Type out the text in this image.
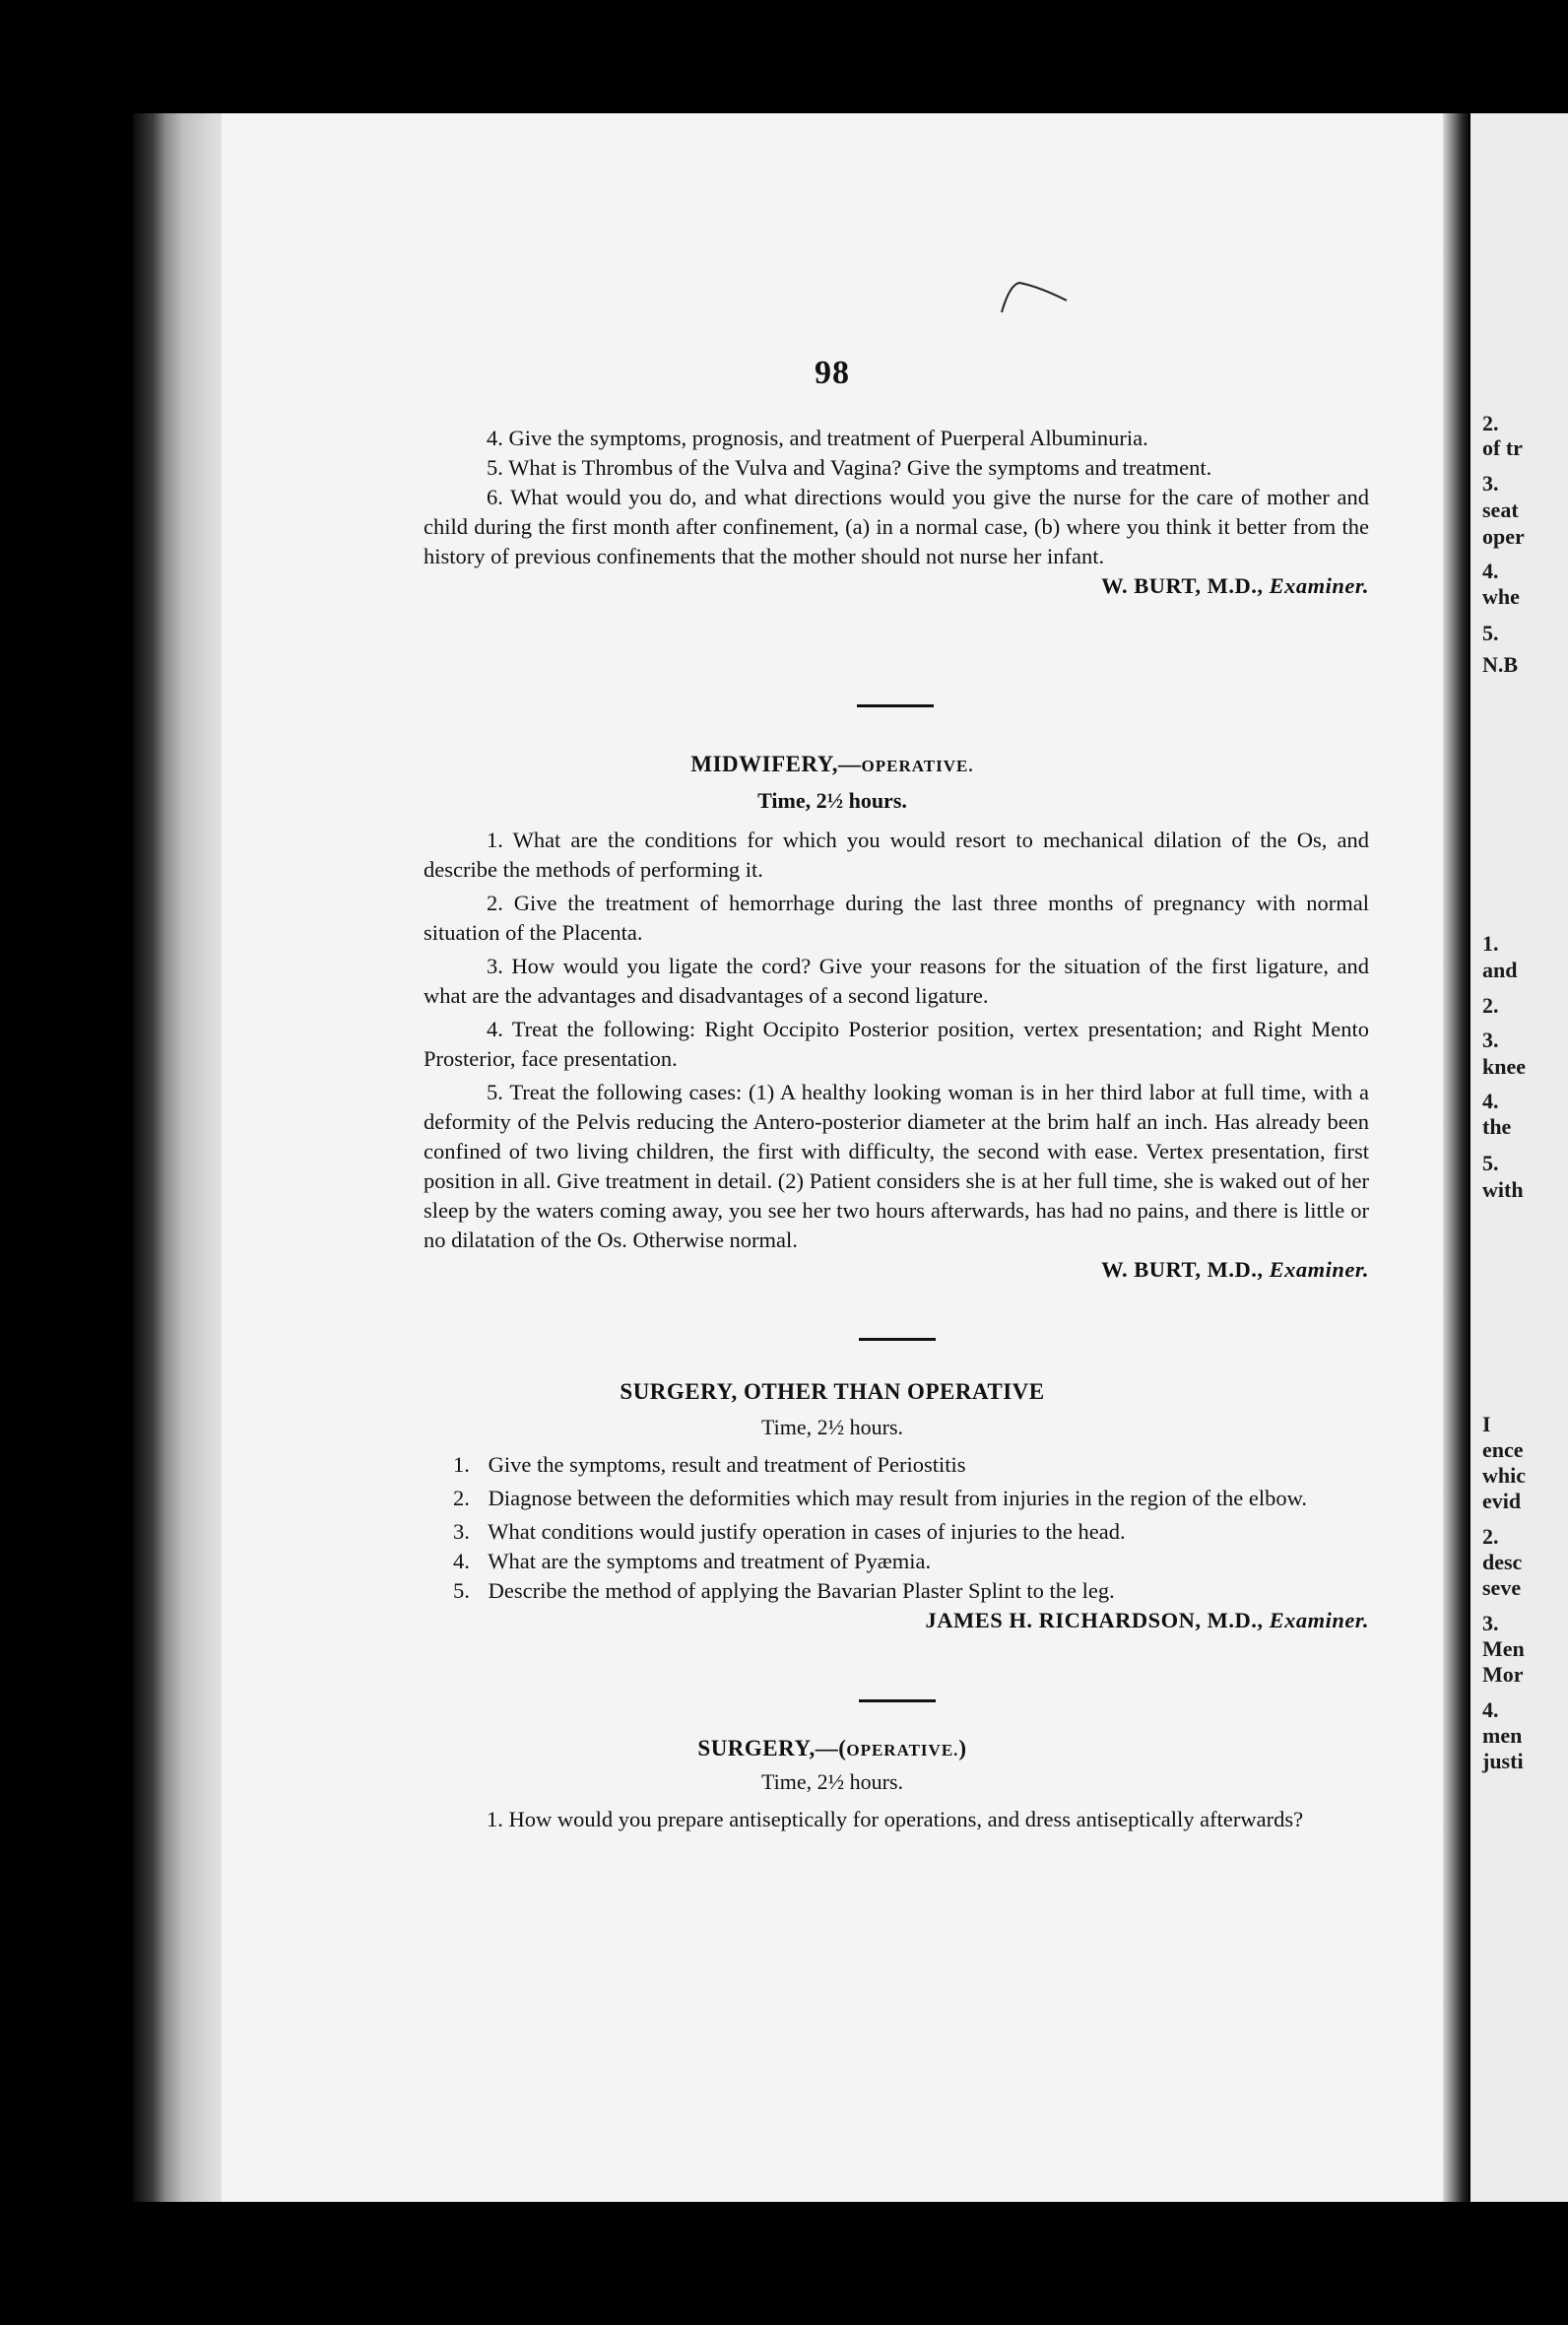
98

4. Give the symptoms, prognosis, and treatment of Puerperal Albuminuria.

5. What is Thrombus of the Vulva and Vagina? Give the symptoms and treatment.

6. What would you do, and what directions would you give the nurse for the care of mother and child during the first month after confinement, (a) in a normal case, (b) where you think it better from the history of previous confinements that the mother should not nurse her infant.

W. BURT, M.D., Examiner.

MIDWIFERY,—OPERATIVE.
Time, 2½ hours.

1. What are the conditions for which you would resort to mechanical dilation of the Os, and describe the methods of performing it.

2. Give the treatment of hemorrhage during the last three months of pregnancy with normal situation of the Placenta.

3. How would you ligate the cord? Give your reasons for the situation of the first ligature, and what are the advantages and disadvantages of a second ligature.

4. Treat the following: Right Occipito Posterior position, vertex presentation; and Right Mento Prosterior, face presentation.

5. Treat the following cases: (1) A healthy looking woman is in her third labor at full time, with a deformity of the Pelvis reducing the Antero-posterior diameter at the brim half an inch. Has already been confined of two living children, the first with difficulty, the second with ease. Vertex presentation, first position in all. Give treatment in detail. (2) Patient considers she is at her full time, she is waked out of her sleep by the waters coming away, you see her two hours afterwards, has had no pains, and there is little or no dilatation of the Os. Otherwise normal.

W. BURT, M.D., Examiner.

SURGERY, OTHER THAN OPERATIVE
Time, 2½ hours.

1. Give the symptoms, result and treatment of Periostitis

2. Diagnose between the deformities which may result from injuries in the region of the elbow.

3. What conditions would justify operation in cases of injuries to the head.

4. What are the symptoms and treatment of Pyæmia.

5. Describe the method of applying the Bavarian Plaster Splint to the leg.

JAMES H. RICHARDSON, M.D., Examiner.

SURGERY,—(OPERATIVE.)
Time, 2½ hours.

1. How would you prepare antiseptically for operations, and dress antiseptically afterwards?

2.
of tr
3.
seat
oper
4.
whe
5.
N.B
1.
and
2.
3.
knee
4.
the
5.
with
I
ence
whic
evid
2.
desc
seve
3.
Men
Mor
4.
men
justi
